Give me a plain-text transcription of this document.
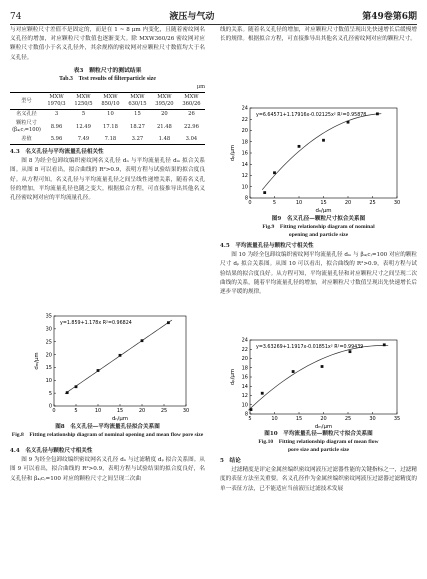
74	液压与气动	第49卷第6期

与对应颗粒尺寸差值不是固定的，而是在 1 ~ 8 μm 内变化，且随着密纹网名义孔径的增加，对应颗粒尺寸数值也逐渐变大。除 MXW360/26 密纹网对应颗粒尺寸数值小于名义孔径外，其余规格的密纹网对应颗粒尺寸数值均大于名义孔径。

表3　颗粒尺寸的测试结果
Tab.3　Test results of filterparticle size
μm
型号	MXW 1970/3	MXW 1250/5	MXW 850/10	MXW 630/15	MXW 395/20	MXW 360/26
名义孔径	3	5	10	15	20	26
颗粒尺寸 (β₄₍c₎=100)	8.96	12.49	17.18	18.27	21.48	22.96
差值	5.96	7.49	7.18	3.27	1.48	3.04

4.3　名义孔径与平均流量孔径相关性

图 8 为经全包卸纹编织密纹网名义孔径 dₙ 与平均流量孔径 dₘ 拟合关系图。从图 8 可以看出，拟合曲线的 R²>0.9，表明方程与试验结果的拟合度良好。从方程可知，名义孔径与平均流量孔径之间呈线性递增关系，随着名义孔径的增加，平均流量孔径也随之变大。根据拟合方程，可直接推导出其他名义孔径密纹网对应的平均流量孔径。

0	5	10	15	20	25	30
0
5
10
15
20
25
30
35
y=1.859+1.178x R²=0.96824
dₙ/μm
dₘ/μm
图8　名义孔径—平均流量孔径拟合关系图
Fig.8　Fitting relationship diagram of nominal opening and mean flow pore size

4.4　名义孔径与颗粒尺寸相关性

图 9 为经全包卸纹编织密纹网名义孔径 dₙ 与过滤精度 dₚ 拟合关系图。从图 9 可以看出，拟合曲线的 R²>0.9，表明方程与试验结果的拟合度良好，名义孔径和 β₄₍c₎=100 对应的颗粒尺寸之间呈现二次曲

线的关系。随着名义孔径的增加，对应颗粒尺寸数值呈现出先快速增长后缓慢增长的规律。根据拟合方程，可直接推导出其他名义孔径密纹网对应的颗粒尺寸。

0	5	10	15	20	25	30
8
10
12
14
16
18
20
22
24
y=6.64571+1.17916x-0.02125x² R²=0.95878
dₙ/μm
dₚ/μm
图9　名义孔径—颗粒尺寸拟合关系图
Fig.9　Fitting relationship diagram of nominal
opening and particle size

4.5　平均流量孔径与颗粒尺寸相关性

图 10 为经全包卸纹编织密纹网平均流量孔径 dₘ 与 β₄₍c₎=100 对应的颗粒尺寸 dₚ 拟合关系图。从图 10 可以看出，拟合曲线的 R²>0.9，表明方程与试验结果的拟合度良好。从方程可知，平均流量孔径和对应颗粒尺寸之间呈现二次曲线的关系，随着平均流量孔径的增加，对应颗粒尺寸数值呈现出先快速增长后逐步平缓的规律。

5	10	15	20	25	30	35
8
10
12
14
16
18
20
22
24
y=3.63269+1.1917x-0.01851x² R²=0.99439
dₘ/μm
dₚ/μm
图10　平均流量孔径—颗粒尺寸拟合关系图
Fig.10　Fitting relationship diagram of mean flow
pore size and particle size

5　结论

过滤精度是评定金属丝编织密纹网液压过滤器性能的关键指标之一，过滤精度的表征方法至关重要。名义孔径作为金属丝编织密纹网液压过滤器过滤精度的单一表征方法，已不能适应当前液压过滤技术发展
